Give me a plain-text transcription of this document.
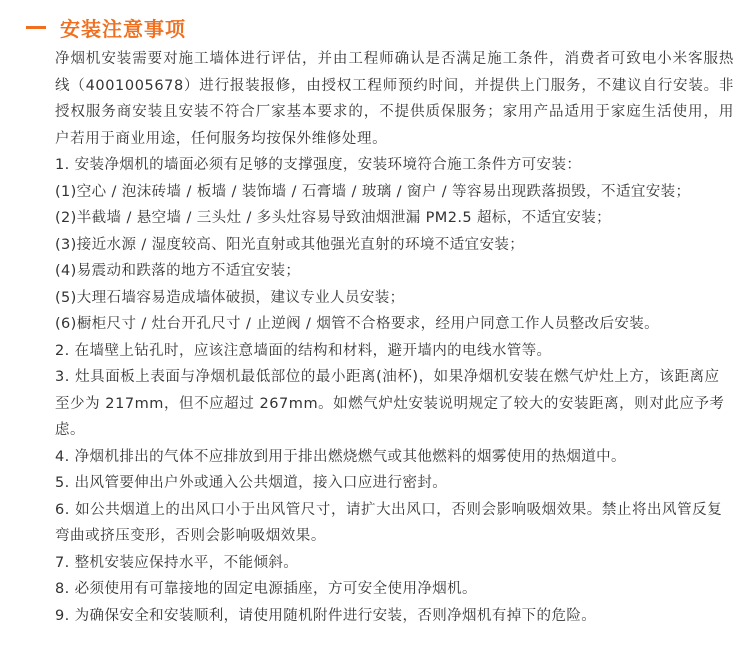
安装注意事项

净烟机安装需要对施工墙体进行评估，并由工程师确认是否满足施工条件，消费者可致电小米客服热线（4001005678）进行报装报修，由授权工程师预约时间，并提供上门服务，不建议自行安装。非授权服务商安装且安装不符合厂家基本要求的，不提供质保服务；家用产品适用于家庭生活使用，用户若用于商业用途，任何服务均按保外维修处理。

1. 安装净烟机的墙面必须有足够的支撑强度，安装环境符合施工条件方可安装：

(1)空心 / 泡沫砖墙 / 板墙 / 装饰墙 / 石膏墙 / 玻璃 / 窗户 / 等容易出现跌落损毁，不适宜安装；

(2)半截墙 / 悬空墙 / 三头灶 / 多头灶容易导致油烟泄漏 PM2.5 超标，不适宜安装；

(3)接近水源 / 湿度较高、阳光直射或其他强光直射的环境不适宜安装；

(4)易震动和跌落的地方不适宜安装；

(5)大理石墙容易造成墙体破损，建议专业人员安装；

(6)橱柜尺寸 / 灶台开孔尺寸 / 止逆阀 / 烟管不合格要求，经用户同意工作人员整改后安装。

2. 在墙壁上钻孔时，应该注意墙面的结构和材料，避开墙内的电线水管等。

3. 灶具面板上表面与净烟机最低部位的最小距离(油杯)，如果净烟机安装在燃气炉灶上方，该距离应至少为 217mm，但不应超过 267mm。如燃气炉灶安装说明规定了较大的安装距离，则对此应予考虑。

4. 净烟机排出的气体不应排放到用于排出燃烧燃气或其他燃料的烟雾使用的热烟道中。

5. 出风管要伸出户外或通入公共烟道，接入口应进行密封。

6. 如公共烟道上的出风口小于出风管尺寸，请扩大出风口，否则会影响吸烟效果。禁止将出风管反复弯曲或挤压变形，否则会影响吸烟效果。

7. 整机安装应保持水平，不能倾斜。

8. 必须使用有可靠接地的固定电源插座，方可安全使用净烟机。

9. 为确保安全和安装顺利，请使用随机附件进行安装，否则净烟机有掉下的危险。
